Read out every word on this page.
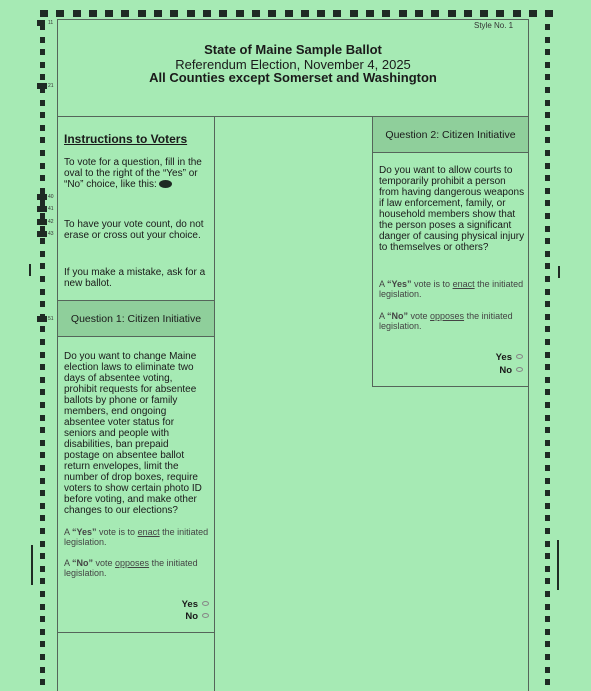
Style No. 1
State of Maine Sample Ballot
Referendum Election, November 4, 2025
All Counties except Somerset and Washington
11
21
40
41
42
43
51
Instructions to Voters
To vote for a question, fill in the oval to the right of the “Yes” or “No” choice, like this:
To have your vote count, do not erase or cross out your choice.
If you make a mistake, ask for a new ballot.
Question 1: Citizen Initiative
Do you want to change Maine election laws to eliminate two days of absentee voting, prohibit requests for absentee ballots by phone or family members, end ongoing absentee voter status for seniors and people with disabilities, ban prepaid postage on absentee ballot return envelopes, limit the number of drop boxes, require voters to show certain photo ID before voting, and make other changes to our elections?
A “Yes” vote is to enact the initiated legislation.
A “No” vote opposes the initiated legislation.
Yes
No
Question 2: Citizen Initiative
Do you want to allow courts to temporarily prohibit a person from having dangerous weapons if law enforcement, family, or household members show that the person poses a significant danger of causing physical injury to themselves or others?
A “Yes” vote is to enact the initiated legislation.
A “No” vote opposes the initiated legislation.
Yes
No
